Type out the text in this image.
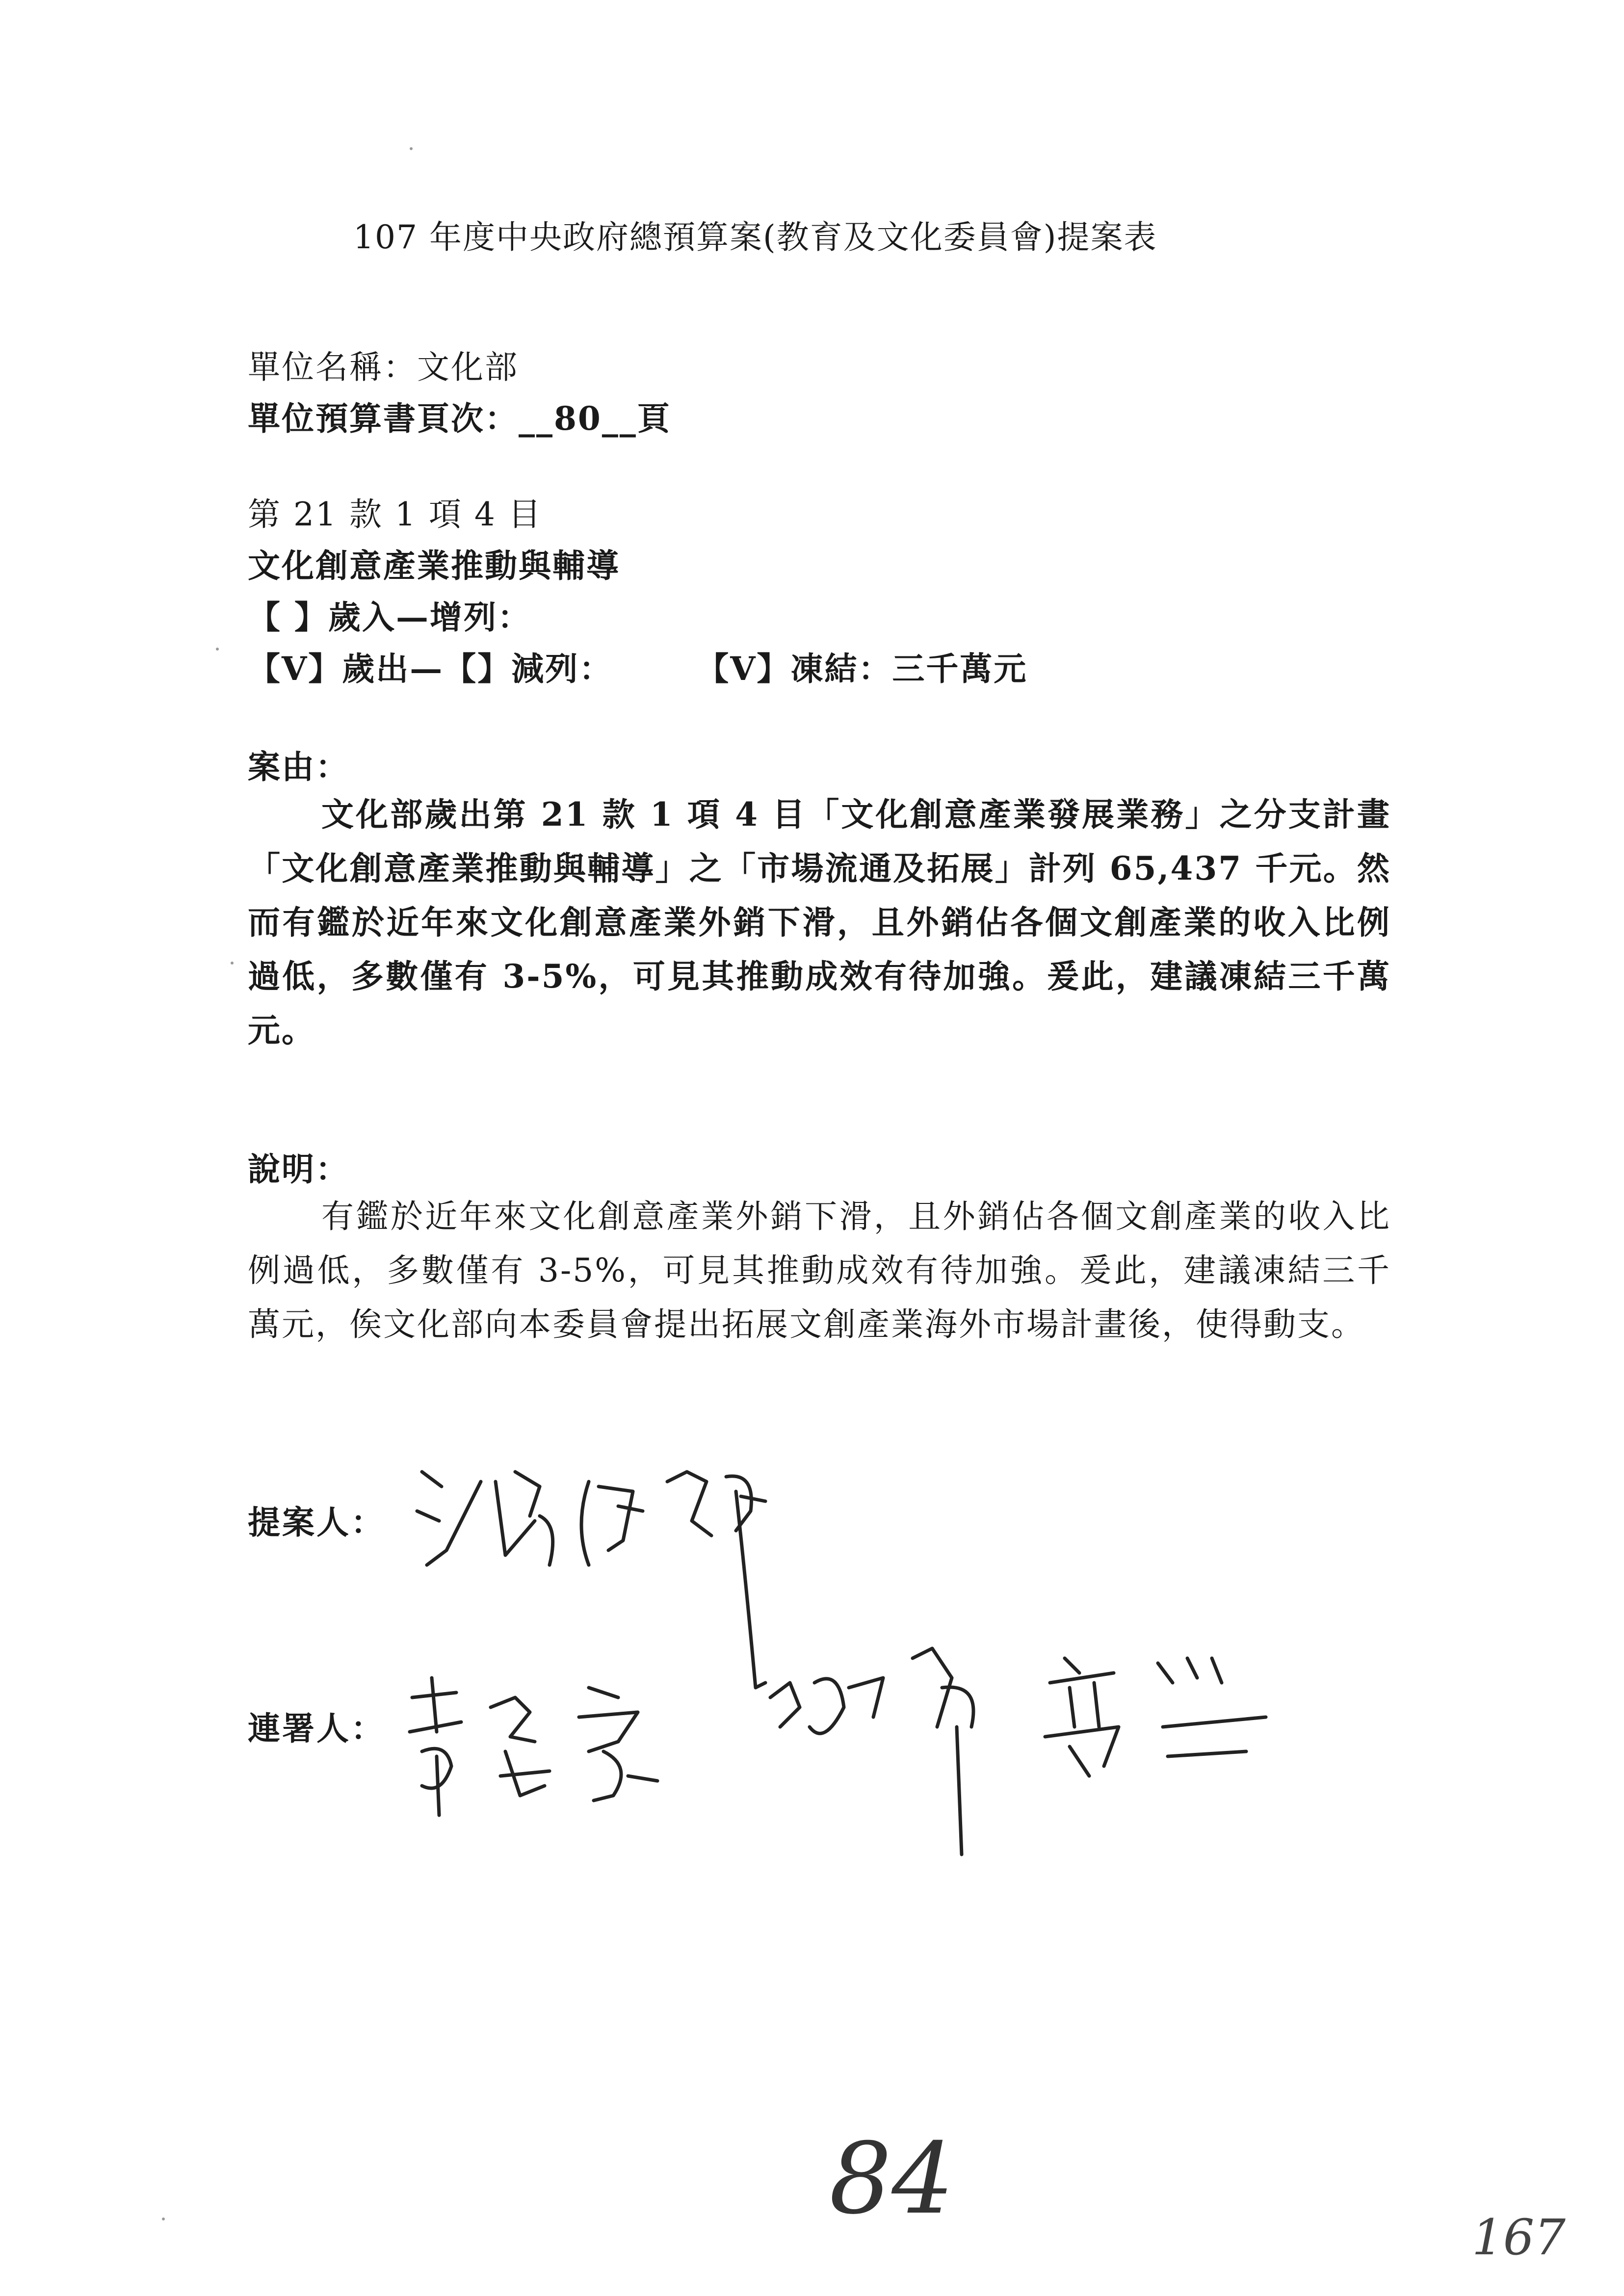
107 年度中央政府總預算案(教育及文化委員會)提案表
單位名稱：文化部
單位預算書頁次：__80__頁
第 21 款 1 項 4 目
文化創意產業推動與輔導
【 】歲入—增列：
【V】歲出—【】減列：	【V】凍結：三千萬元
案由：
文化部歲出第 21 款 1 項 4 目「文化創意產業發展業務」之分支計畫「文化創意產業推動與輔導」之「市場流通及拓展」計列 65,437 千元。然而有鑑於近年來文化創意產業外銷下滑，且外銷佔各個文創產業的收入比例過低，多數僅有 3-5%，可見其推動成效有待加強。爰此，建議凍結三千萬元。
說明：
有鑑於近年來文化創意產業外銷下滑，且外銷佔各個文創產業的收入比例過低，多數僅有 3-5%，可見其推動成效有待加強。爰此，建議凍結三千萬元，俟文化部向本委員會提出拓展文創產業海外市場計畫後，使得動支。
提案人：
連署人：
84
167
